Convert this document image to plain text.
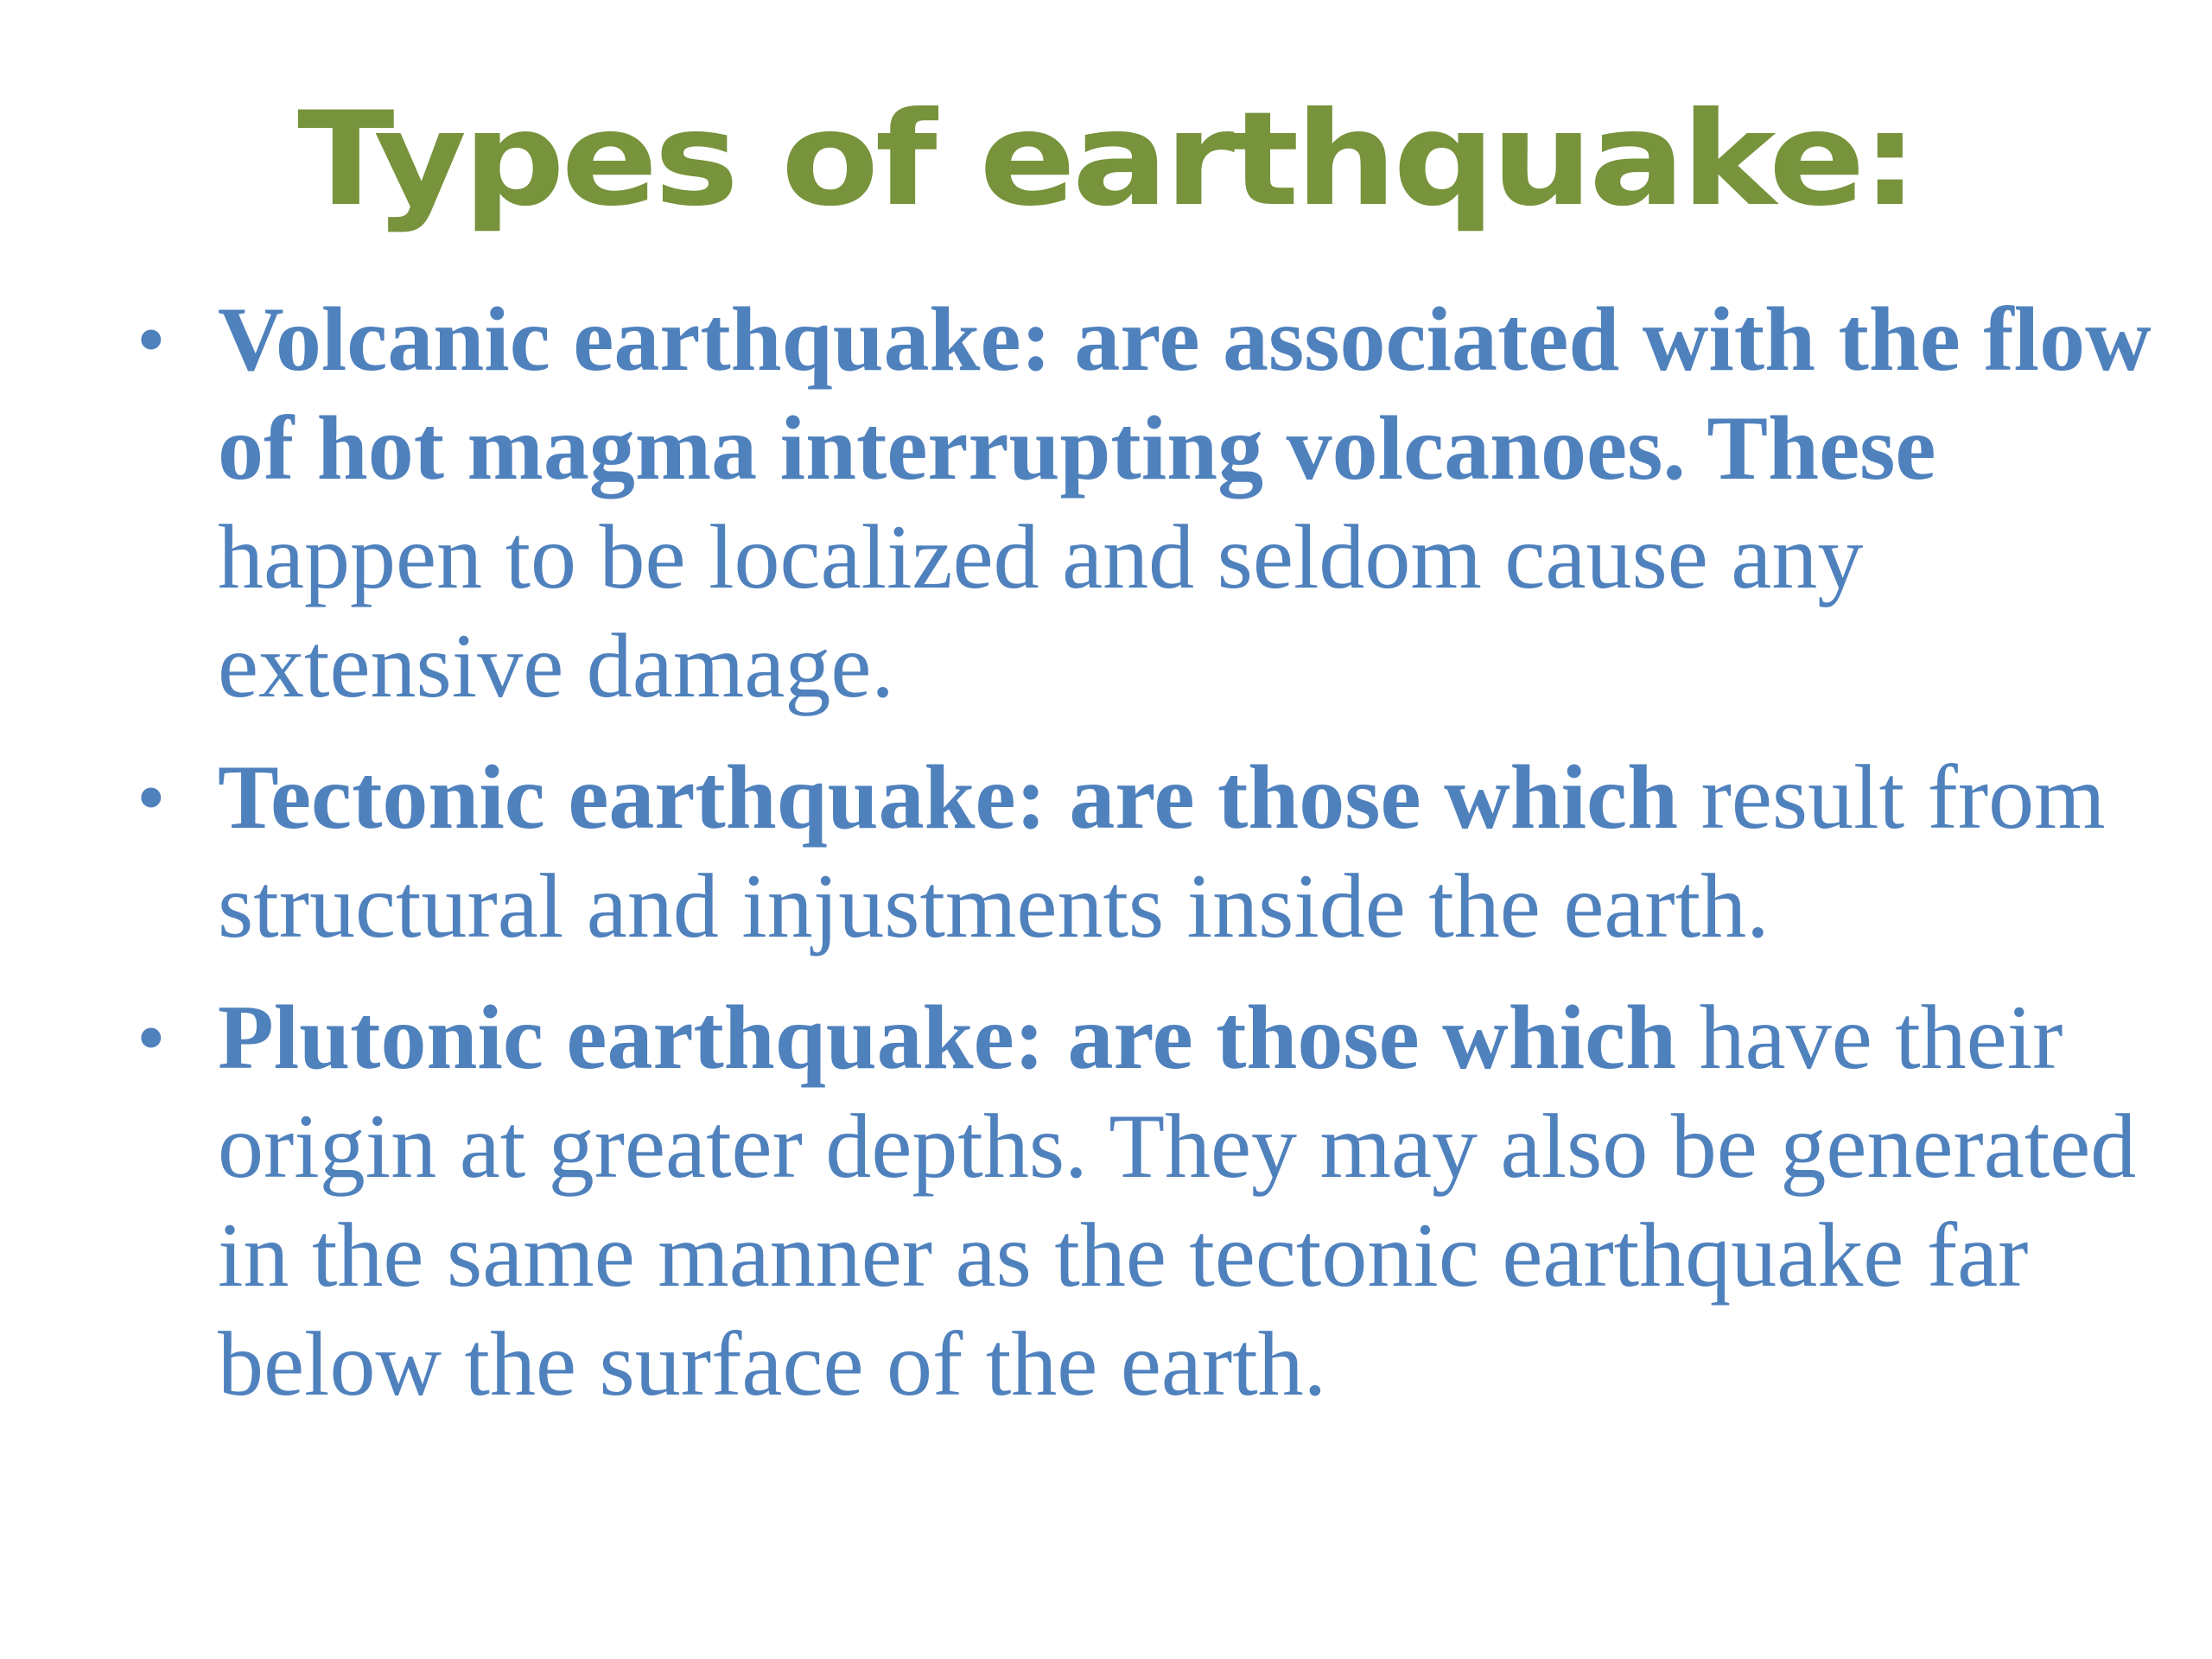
Types of earthquake:
• Volcanic earthquake: are associated with the flow of hot magma interrupting volcanoes. These happen to be localized and seldom cause any extensive damage.
• Tectonic earthquake: are those which result from structural and injustments inside the earth.
• Plutonic earthquake: are those which have their origin at greater depths. They may also be generated in the same manner as the tectonic earthquake far below the surface of the earth.
